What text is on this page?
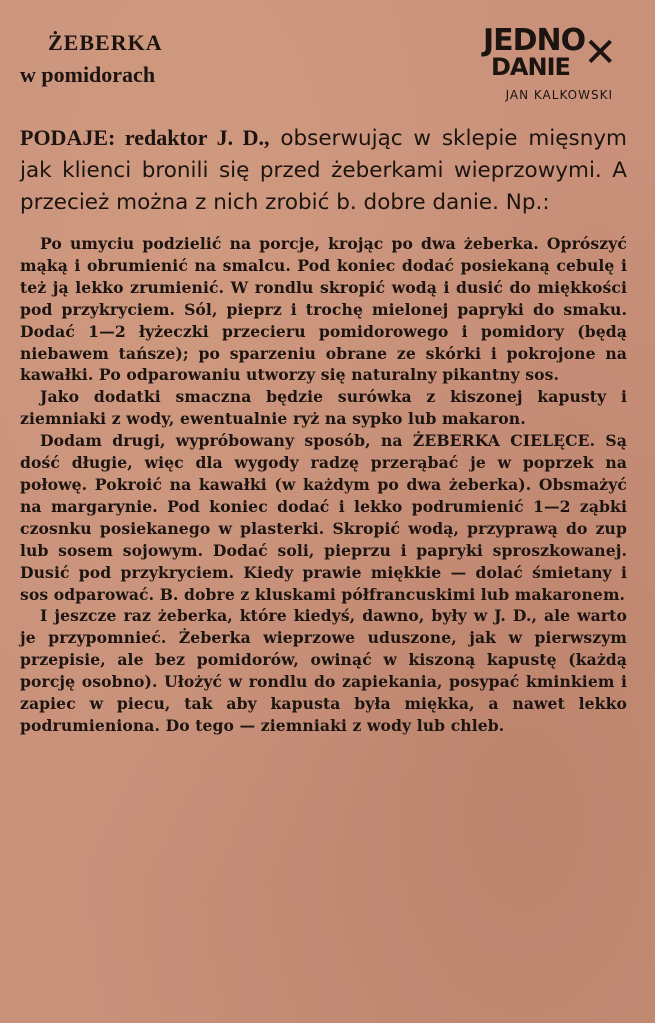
ŻEBERKA
w pomidorach
JEDNO
DANIE ✕
JAN KALKOWSKI

PODAJE: redaktor J. D., obserwując w sklepie mięsnym jak klienci bronili się przed żeberkami wieprzowymi. A przecież można z nich zrobić b. dobre danie. Np.:

Po umyciu podzielić na porcje, krojąc po dwa żeberka. Oprószyć mąką i obrumienić na smalcu. Pod koniec dodać posiekaną cebulę i też ją lekko zrumienić. W rondlu skropić wodą i dusić do miękkości pod przykryciem. Sól, pieprz i trochę mielonej papryki do smaku. Dodać 1—2 łyżeczki przecieru pomidorowego i pomidory (będą niebawem tańsze); po sparzeniu obrane ze skórki i pokrojone na kawałki. Po odparowaniu utworzy się naturalny pikantny sos.

Jako dodatki smaczna będzie surówka z kiszonej kapusty i ziemniaki z wody, ewentualnie ryż na sypko lub makaron.

Dodam drugi, wypróbowany sposób, na ŻEBERKA CIELĘCE. Są dość długie, więc dla wygody radzę przerąbać je w poprzek na połowę. Pokroić na kawałki (w każdym po dwa żeberka). Obsmażyć na margarynie. Pod koniec dodać i lekko podrumienić 1—2 ząbki czosnku posiekanego w plasterki. Skropić wodą, przyprawą do zup lub sosem sojowym. Dodać soli, pieprzu i papryki sproszkowanej. Dusić pod przykryciem. Kiedy prawie miękkie — dolać śmietany i sos odparować. B. dobre z kluskami półfrancuskimi lub makaronem.

I jeszcze raz żeberka, które kiedyś, dawno, były w J. D., ale warto je przypomnieć. Żeberka wieprzowe uduszone, jak w pierwszym przepisie, ale bez pomidorów, owinąć w kiszoną kapustę (każdą porcję osobno). Ułożyć w rondlu do zapiekania, posypać kminkiem i zapiec w piecu, tak aby kapusta była miękka, a nawet lekko podrumieniona. Do tego — ziemniaki z wody lub chleb.
